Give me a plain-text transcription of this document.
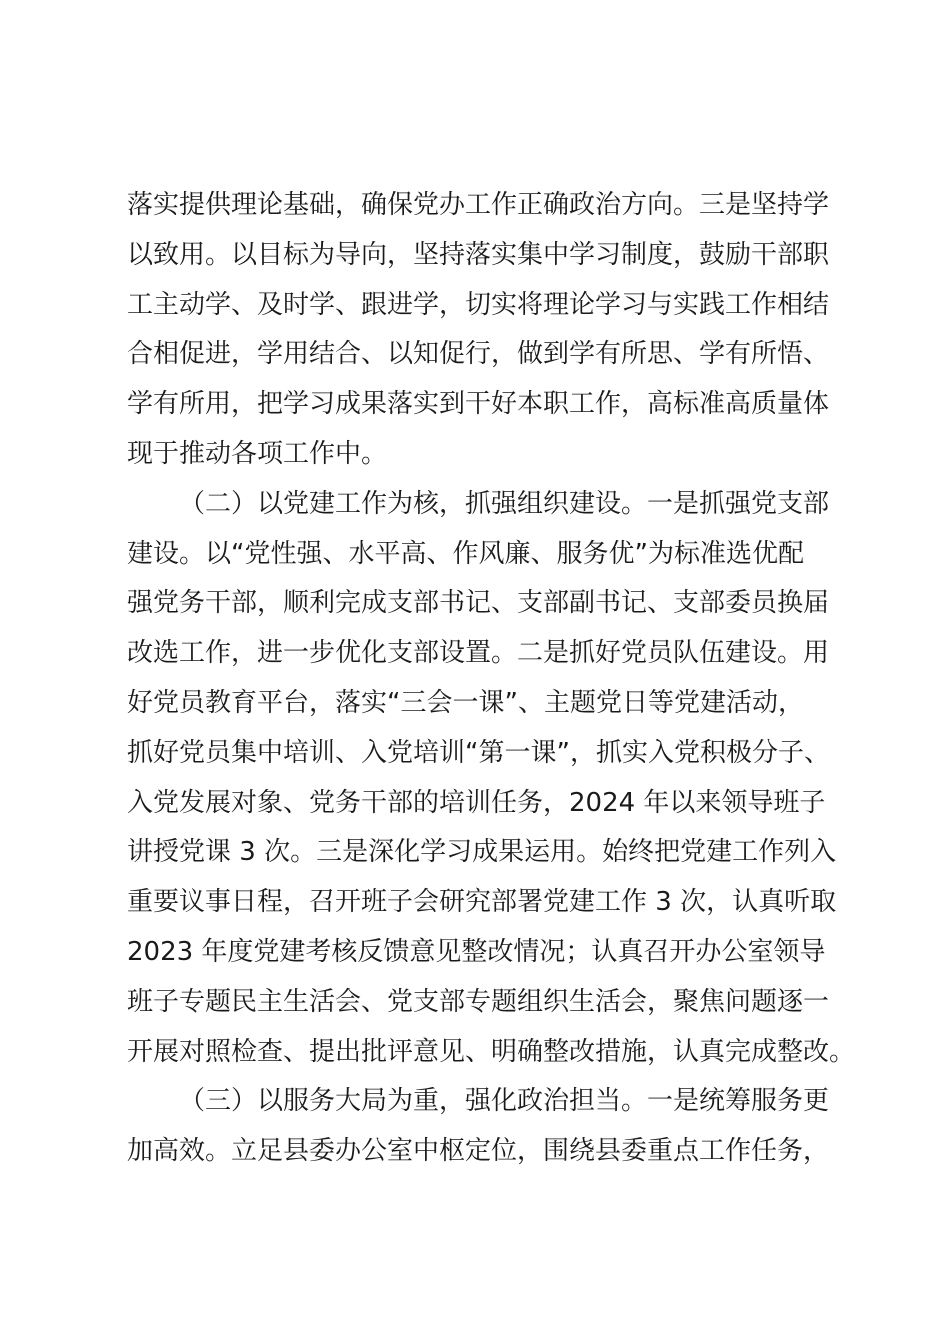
落实提供理论基础，确保党办工作正确政治方向。三是坚持学
以致用。以目标为导向，坚持落实集中学习制度，鼓励干部职
工主动学、及时学、跟进学，切实将理论学习与实践工作相结
合相促进，学用结合、以知促行，做到学有所思、学有所悟、
学有所用，把学习成果落实到干好本职工作，高标准高质量体
现于推动各项工作中。
（二）以党建工作为核，抓强组织建设。一是抓强党支部
建设。以“党性强、水平高、作风廉、服务优”为标准选优配
强党务干部，顺利完成支部书记、支部副书记、支部委员换届
改选工作，进一步优化支部设置。二是抓好党员队伍建设。用
好党员教育平台，落实“三会一课”、主题党日等党建活动，
抓好党员集中培训、入党培训“第一课”，抓实入党积极分子、
入党发展对象、党务干部的培训任务，2024 年以来领导班子
讲授党课 3 次。三是深化学习成果运用。始终把党建工作列入
重要议事日程，召开班子会研究部署党建工作 3 次，认真听取
2023 年度党建考核反馈意见整改情况；认真召开办公室领导
班子专题民主生活会、党支部专题组织生活会，聚焦问题逐一
开展对照检查、提出批评意见、明确整改措施，认真完成整改。
（三）以服务大局为重，强化政治担当。一是统筹服务更
加高效。立足县委办公室中枢定位，围绕县委重点工作任务，
